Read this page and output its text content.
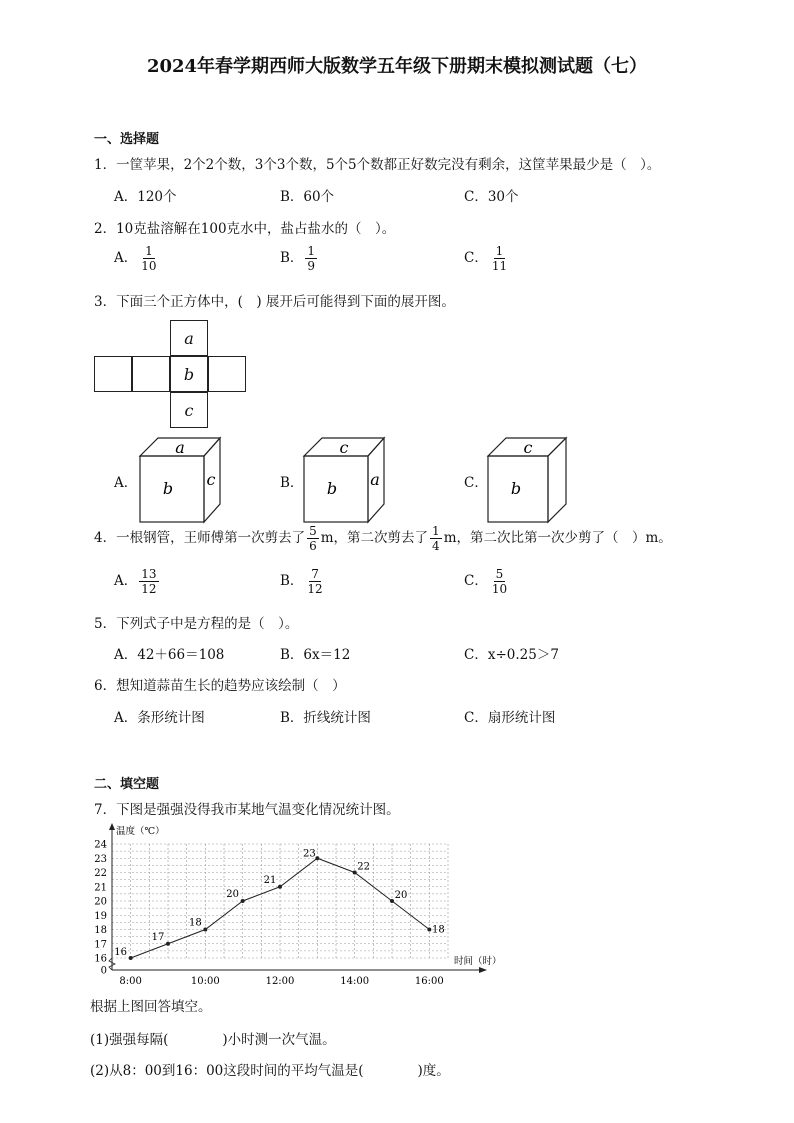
2024年春学期西师大版数学五年级下册期末模拟测试题（七）
一、选择题
1．一筐苹果，2个2个数，3个3个数，5个5个数都正好数完没有剩余，这筐苹果最少是（　）。
A．120个	B．60个	C．30个
2．10克盐溶解在100克水中，盐占盐水的（　）。
A． $\frac{1}{10}$	B． $\frac{1}{9}$	C． $\frac{1}{11}$
3．下面三个正方体中，(　) 展开后可能得到下面的展开图。
a
b
c
A．	B．	C．
a
b c
c
b a
c
b
4．一根钢管，王师傅第一次剪去了 $\frac{5}{6}$ m，第二次剪去了 $\frac{1}{4}$ m，第二次比第一次少剪了（　）m。
A． $\frac{13}{12}$	B． $\frac{7}{12}$	C． $\frac{5}{10}$
5．下列式子中是方程的是（　）。
A．42＋66＝108	B．6x＝12	C．x÷0.25＞7
6．想知道蒜苗生长的趋势应该绘制（　）
A．条形统计图	B．折线统计图	C．扇形统计图
二、填空题
7．下图是强强没得我市某地气温变化情况统计图。
0
16
17
18
19
20
21
22
23
24
8:00	10:00	12:00	14:00	16:00
16
17
18
20
21
23
22
20
18
温度（℃）
时间（时）
根据上图回答填空。
(1)强强每隔(　　　　)小时测一次气温。
(2)从8：00到16：00这段时间的平均气温是(　　　　)度。
